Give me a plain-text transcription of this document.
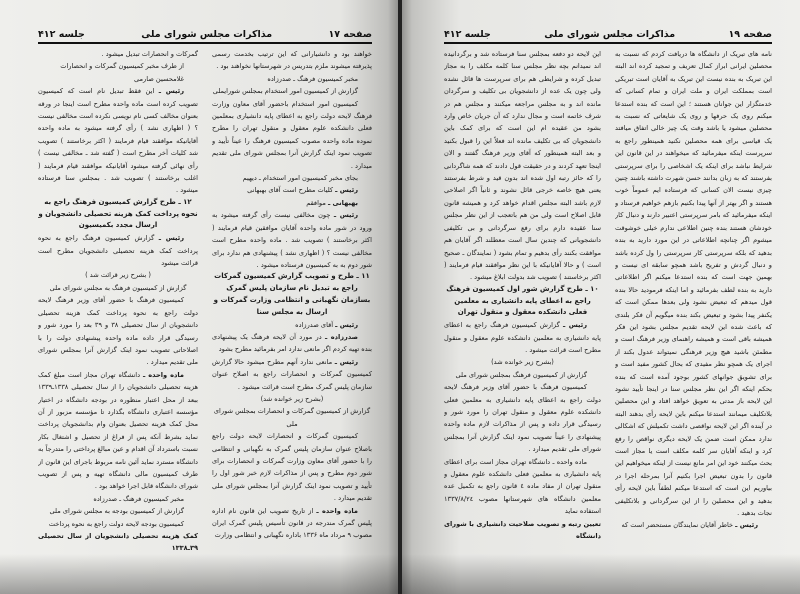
صفحه ۱۷
مذاکرات مجلس شورای ملی
جلسه ۴۱۲

خواهند بود و دانشیارانی که این ترتیب بخدمت رسمی پذیرفته میشوند ملزم بتدریس در شهرستانها نخواهند بود .

مخبر کمیسیون فرهنگ ـ صدرزاده

گزارش از کمیسیون امور استخدام بمجلس شورایملی

کمیسیون امور استخدام باحضور آقای معاون وزارت فرهنگ لایحه دولت راجع به اعطای پایه دانشیاری بمعلمین فعلی دانشکده علوم معقول و منقول تهران را مطرح نموده ماده واحده مصوب کمیسیون فرهنگ را عیناً تأیید و تصویب نمود اینک گزارش آنرا بمجلس شورای ملی تقدیم میدارد .

بجای مخبر کمیسیون امور استخدام ـ دیهیم

رئیس ـ کلیات مطرح است آقای بهبهانی

بهبهانی ـ موافقم

رئیس ـ چون مخالفی نیست رأی گرفته میشود به ورود در شور ماده واحده آقایان موافقین قیام فرمایند ( اکثر برخاستند ) تصویب شد . ماده واحده مطرح است مخالفی نیست ؟ ( اظهاری نشد ) پیشنهادی هم ندارد برای شور دوم به به کمیسیون فرستاده میشود .

۱۱ ـ طرح و تصویب گزارش کمیسیون گمرکات راجع به تبدیل نام سازمان پلیس گمرک بسازمان نگهبانی و انتظامی وزارت گمرکات و ارسال به مجلس سنا

رئیس ـ آقای صدرزاده

صدرزاده ـ در مورد آن لایحه فرهنگ یک پیشنهادی بنده تهیه کردم اگر مانعی ندارد امر بفرمائید مطرح بشود

رئیس ـ مانعی ندارد آنهم مطرح میشود حالا گزارش کمیسیون گمرکات و انحصارات راجع به اصلاح عنوان سازمان پلیس گمرک مطرح است قرائت میشود .

(بشرح زیر خوانده شد)

گزارش از کمیسیون گمرکات و انحصارات بمجلس شورای ملی

کمیسیون گمرکات و انحصارات لایحه دولت راجع باصلاح عنوان سازمان پلیس گمرک به نگهبانی و انتظامی را با حضور آقای معاون وزارت گمرکات و انحصارات برای شور دوم مطرح و پس از مذاکرات لازم خبر شور اول را تأیید و تصویب نمود اینک گزارش آنرا بمجلس شورای ملی تقدیم میدارد .

ماده واحده ـ از تاریخ تصویب این قانون نام اداره پلیس گمرک مندرجه در قانون تأسیس پلیس گمرک ایران مصوب ۹ مرداد ماه ۱۳۳۶ باداره نگهبانی و انتظامی وزارت

گمرکات و انحصارات تبدیل میشود .

از طرف مخبر کمیسیون گمرکات و انحصارات

غلامحسین صارمی

رئیس ـ این فقط تبدیل نام است که کمیسیون تصویب کرده است ماده واحده مطرح است اینجا در ورقه بعنوان مخالف کسی نام نویسی نکرده است مخالفی نیست ؟ ( اظهاری نشد ) رأی گرفته میشود به ماده واحده آقایانیکه موافقند قیام فرمایند ( اکثر برخاستند ) تصویب شد کلیات آخر مطرح است ( گفته شد ـ مخالفی نیست ) رأی نهائی گرفته میشود آقایانیکه موافقند قیام فرمایند ( اغلب برخاستند ) تصویب شد . بمجلس سنا فرستاده میشود .

۱۲ ـ طرح گزارش کمیسیون فرهنگ راجع به نحوه پرداخت کمک هزینه تحصیلی دانشجویان و ارسال مجدد بکمیسیون

رئیس ـ گزارش کمیسیون فرهنگ راجع به نحوه پرداخت کمک هزینه تحصیلی دانشجویان مطرح است قرائت میشود

( بشرح زیر قرائت شد )

گزارش از کمیسیون فرهنگ به مجلس شورای ملی

کمیسیون فرهنگ با حضور آقای وزیر فرهنگ لایحه دولت راجع به نحوه پرداخت کمک هزینه تحصیلی دانشجویان از سال تحصیلی ۳۸ و ۳۹ بعد را مورد شور و رسیدگی قرار داده ماده واحده پیشنهادی دولت را با اصلاحاتی تصویب نمود اینک گزارش آنرا بمجلس شورای ملی تقدیم میدارد .

ماده واحده ـ دانشگاه تهران مجاز است مبلغ کمک هزینه تحصیلی دانشجویان را از سال تحصیلی ۱۳۳۸ـ۱۳۳۹ ببعد از محل اعتبار منظوره در بودجه دانشگاه در اختیار مؤسسه اعتباری دانشگاه بگذارد تا مؤسسه مزبور از آن محل کمک هزینه تحصیل بعنوان وام بدانشجویان پرداخت نماید بشرط آنکه پس از فراغ از تحصیل و اشتغال بکار نسبت باسترداد آن اقدام و عین مبالغ پرداختی را متدرجاً به دانشگاه مسترد نماید آئین نامه مربوط باجرای این قانون از طرف کمیسیون مالی دانشگاه تهیه و پس از تصویب شورای دانشگاه قابل اجرا خواهد بود .

مخبر کمیسیون فرهنگ ـ صدرزاده

گزارش از کمیسیون بودجه به مجلس شورای ملی

کمیسیون بودجه لایحه دولت راجع به نحوه پرداخت

کمک هزینه تحصیلی دانشجویان از سال تحصیلی ۳۹ـ۱۳۳۸

صفحه ۱۹
مذاکرات مجلس شورای ملی
جلسه ۴۱۲

نامه های تبریک از دانشگاه ها دریافت کردم که نسبت به محصلین ایرانی ابراز کمال تعریف و تمجید کرده اند البته این تبریک به بنده نیست این تبریک به آقایان است تبریکی است بمملکت ایران و ملت ایران و تمام کسانی که خدمتگزار این جوانان هستند ؛ این است که بنده استدعا میکنم روی یک حرفها و روی یک شایعاتی که نسبت به محصلین میشود یا باشد وقت یک چیز خالی اتفاق میافتد یک قیاسی برای همه محصلین نکنید همینطور راجع به سرپرست اینکه میفرمائید که میخواهند در این قانون این شرایط نباشد برای اینکه یک اشخاصی را برای سرپرستی بفرستند که به زبان بدانند حسن شهرت داشته باشند چنین چیزی نیست الان کسانی که فرستاده ایم عموماً خوب هستند و اگر بهتر از آنها پیدا بکنیم بازهم خواهیم فرستاد و اینکه میفرمائید که بامر سرپرستی اعتبیر دارند و دنبال کار خودشان هستند بنده چنین اطلاعی ندارم خیلی خوشوقت میشوم اگر چنانچه اطلاعاتی در این مورد دارید به بنده بدهید که بلکه سرپرستی کار سرپرستی را ول کرده باشد و دنبال گردش و تفریح باشد همچو سابقه ای نیست و بهمین جهت است که بنده استدعا میکنم اگر اطلاعاتی دارید به بنده لطف بفرمائید و اما اینکه فرمودید حالا بنده قول میدهم که تبعیض نشود ولی بعدها ممکن است که یکنفر پیدا بشود و تبعیض بکند بنده میگویم آن فکر بلندی که باعث شده این لایحه تقدیم مجلس بشود این فکر همیشه باقی است و همیشه راهنمای وزیر فرهنگ است و مطمئن باشید هیچ وزیر فرهنگی نمیتواند عدول بکند از اجرای یک همچو نظر مفیدی که بحال کشور مفید است و برای تشویق جوانهای کشور بوجود آمده است که بنده بحکم اینکه اگر این نظر مجلس سنا در اینجا تأیید نشود این لایحه باز مدتی به تعویق خواهد افتاد و این محصلین بلاتکلیف میمانند استدعا میکنم باین لایحه رأی بدهند البته در آینده اگر این لایحه نواقصی داشت تکمیلش که اشکالی ندارد ممکن است ضمن یک لایحه دیگری نواقص را رفع کرد و اینکه آقایان سر کلمه مکلف است یا مجاز است بحث میکنند خود این امر مانع نیست از اینکه میخواهیم این قانون را بدون تبعیض اجرا بکنیم آنرا بمرحله اجرا در بیاوریم این است که استدعا میکنم لطفاً باین لایحه رأی بدهید و این محصلین را از این سرگردانی و بلاتکلیفی نجات بدهید .

رئیس ـ خاطر آقایان نمایندگان مستحضر است که

این لایحه دو دفعه بمجلس سنا فرستاده شد و برگردانیده اند نمیدانم بچه نظر مجلس سنا کلمه مکلف را به مجاز تبدیل کرده و شرایطی هم برای سرپرست ها قائل نشده ولی چون یک عده از دانشجویان بی تکلیف و سرگردان مانده اند و به مجلس مراجعه میکنند و مجلس هم در شرف خاتمه است و مجال ندارد که آن جریان خاص وارد بشود من عقیده ام این است که برای کمک باین دانشجویان که بی تکلیف مانده اند فعلاً این را قبول بکنید و بعد البته همینطور که آقای وزیر فرهنگ گفتند و الان اینجا تعهد کردند و در حقیقت قول دادند که همه شاگردانی را که حائز رتبه اول شده اند بدون قید و شرط بفرستند یعنی هیچ خاصه خرجی قائل نشوند و ثانیاً اگر اصلاحی لازم باشد البته مجلس اقدام خواهد کرد و همیشه قانون قابل اصلاح است ولی من هم باتعجب از این نظر مجلس سنا عقیده دارم برای رفع سرگردانی و بی تکلیفی دانشجویانی که چندین سال است معطلند اگر آقایان هم موافقت بکنند رأی بدهیم و تمام بشود ( نمایندگان ـ صحیح است ) و حالا آقایانیکه با این نظر موافقند قیام فرمایند ( اکثر برخاستند ) تصویب شد بدولت ابلاغ میشود .

۱۰ ـ طرح گزارش شور اول کمیسیون فرهنگ راجع به اعطای پایه دانشیاری به معلمین فعلی دانشکده معقول و منقول تهران

رئیس ـ گزارش کمیسیون فرهنگ راجع به اعطای پایه دانشیاری به معلمین دانشکده علوم معقول و منقول مطرح است قرائت میشود .

(بشرح زیر خوانده شد)

گزارش از کمیسیون فرهنگ بمجلس شورای ملی

کمیسیون فرهنگ با حضور آقای وزیر فرهنگ لایحه دولت راجع به اعطای پایه دانشیاری به معلمین فعلی دانشکده علوم معقول و منقول تهران را مورد شور و رسیدگی قرار داده و پس از مذاکرات لازم ماده واحده پیشنهادی را عیناً تصویب نمود اینک گزارش آنرا بمجلس شورای ملی تقدیم میدارد .

ماده واحده ـ دانشگاه تهران مجاز است برای اعطای پایه دانشیاری به معلمین فعلی دانشکده علوم معقول و منقول تهران از مفاد ماده ٤ قانون راجع به تکمیل عده معلمین دانشگاه های شهرستانها مصوب ۱۳۳۷/۸/۲٤ استفاده نماید

تعیین رتبه و تصویب صلاحیت دانشیاری با شورای دانشگاه
